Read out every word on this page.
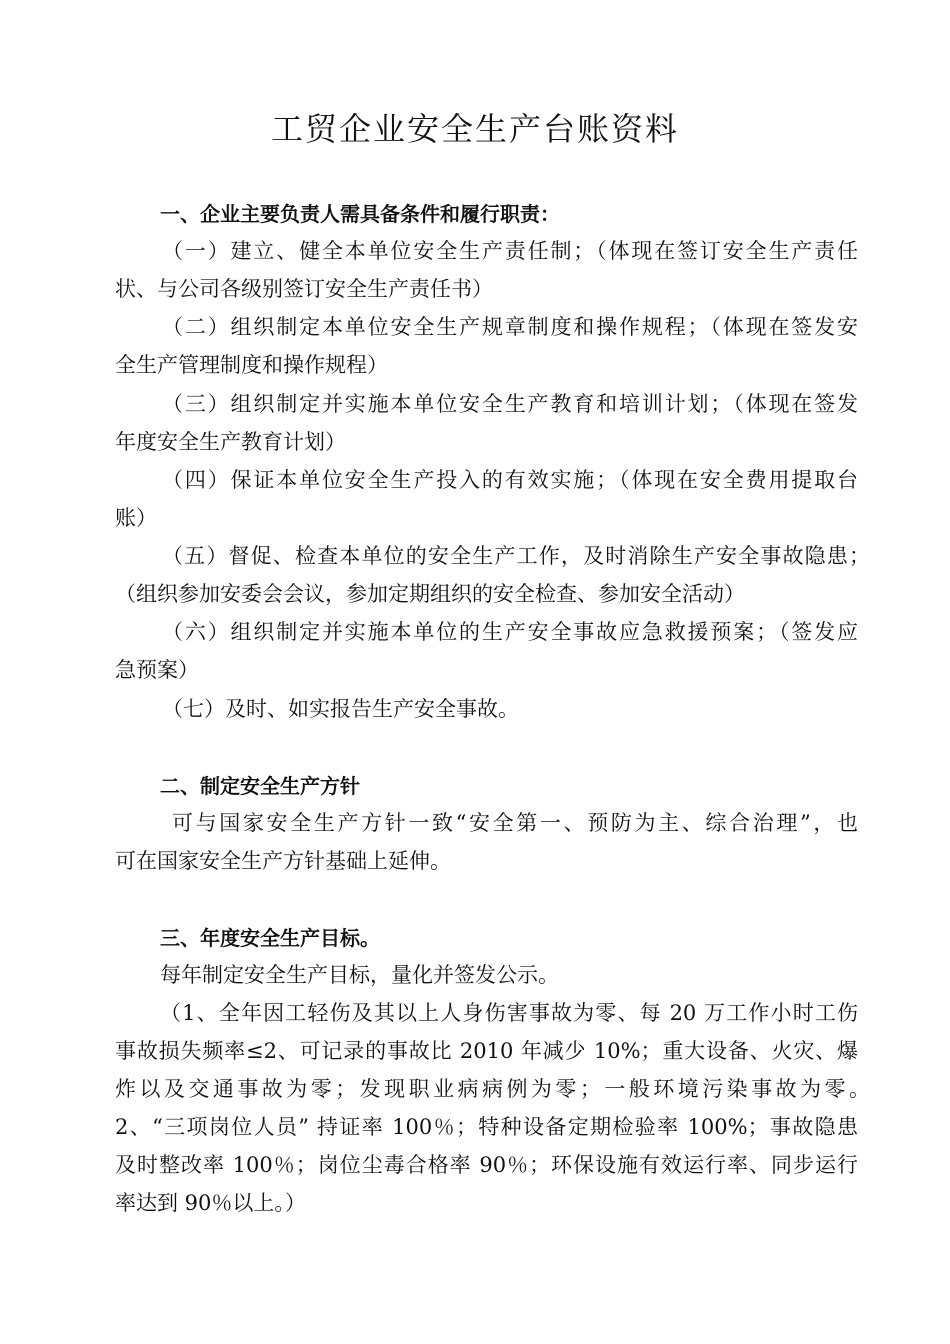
工贸企业安全生产台账资料
一、企业主要负责人需具备条件和履行职责：
（一）建立、健全本单位安全生产责任制；（体现在签订安全生产责任
状、与公司各级别签订安全生产责任书）
（二）组织制定本单位安全生产规章制度和操作规程；（体现在签发安
全生产管理制度和操作规程）
（三）组织制定并实施本单位安全生产教育和培训计划；（体现在签发
年度安全生产教育计划）
（四）保证本单位安全生产投入的有效实施；（体现在安全费用提取台
账）
（五）督促、检查本单位的安全生产工作，及时消除生产安全事故隐患；
（组织参加安委会会议，参加定期组织的安全检查、参加安全活动）
（六）组织制定并实施本单位的生产安全事故应急救援预案；（签发应
急预案）
（七）及时、如实报告生产安全事故。
二、制定安全生产方针
可与国家安全生产方针一致“安全第一、预防为主、综合治理”，也
可在国家安全生产方针基础上延伸。
三、年度安全生产目标。
每年制定安全生产目标，量化并签发公示。
（1、全年因工轻伤及其以上人身伤害事故为零、每 20 万工作小时工伤
事故损失频率≤2、可记录的事故比 2010 年减少 10%；重大设备、火灾、爆
炸以及交通事故为零；发现职业病病例为零；一般环境污染事故为零。
2、“三项岗位人员” 持证率 100％；特种设备定期检验率 100%；事故隐患
及时整改率 100％；岗位尘毒合格率 90％；环保设施有效运行率、同步运行
率达到 90％以上。）
